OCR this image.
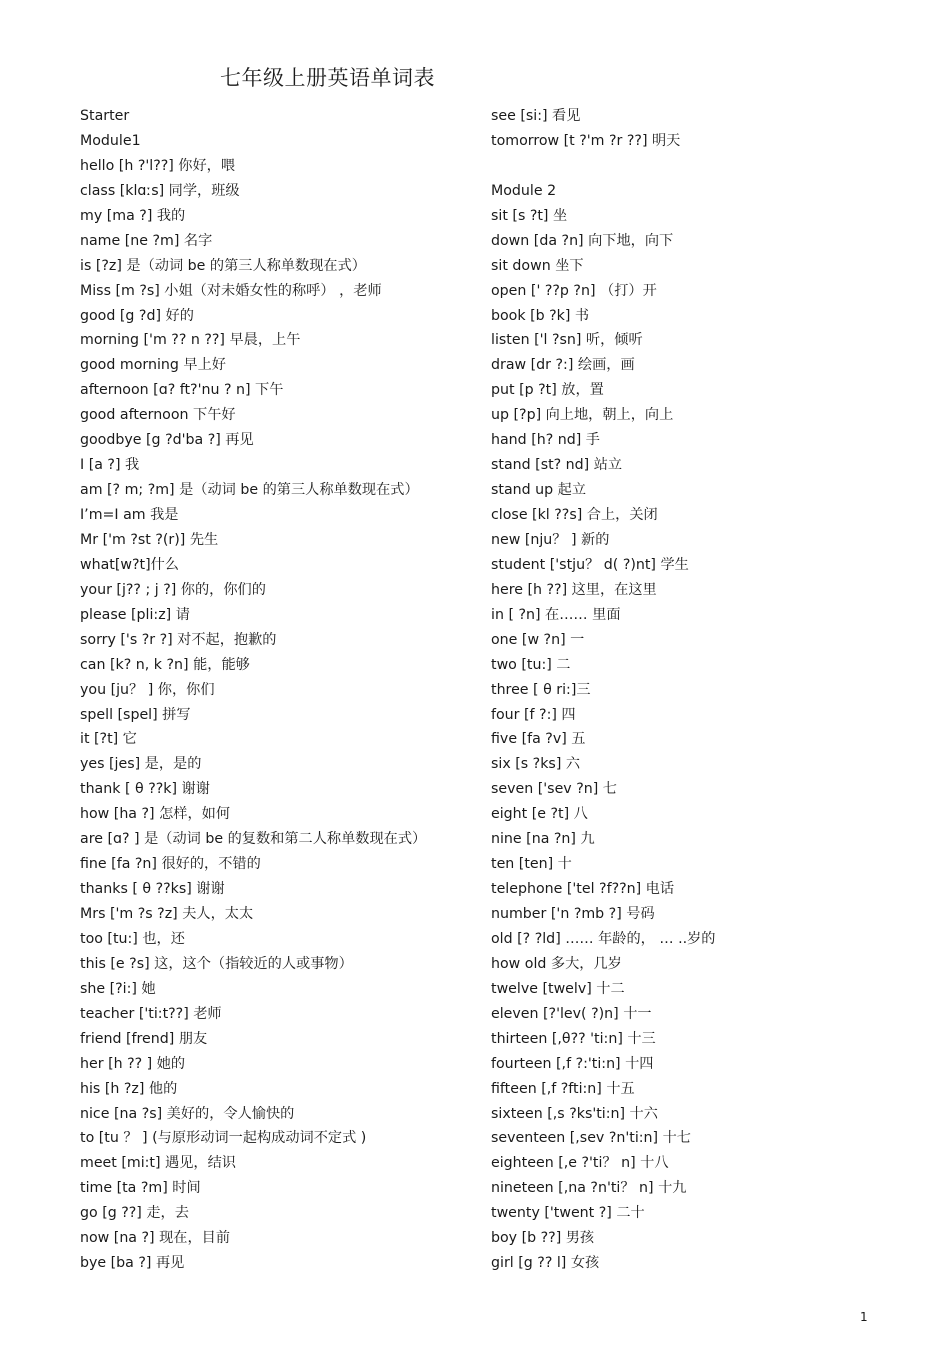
七年级上册英语单词表
Starter
Module1
hello [h ?'l??] 你好，喂
class [klɑːs] 同学，班级
my [ma ?] 我的
name [ne ?m] 名字
is [?z] 是（动词 be 的第三人称单数现在式）
Miss [m ?s] 小姐（对未婚女性的称呼） ，老师
good [g ?d] 好的
morning ['m ?? n ??] 早晨，上午
good morning 早上好
afternoon [ɑ? ft?'nu ? n] 下午
good afternoon 下午好
goodbye [g ?d'ba ?] 再见
I [a ?] 我
am [? m; ?m] 是（动词 be 的第三人称单数现在式）
I’m=I am 我是
Mr ['m ?st ?(r)] 先生
what[w?t]什么
your [j?? ; j ?] 你的，你们的
please [pli:z] 请
sorry ['s ?r ?] 对不起，抱歉的
can [k? n, k ?n] 能，能够
you [ju？ ] 你，你们
spell [spel] 拼写
it [?t] 它
yes [jes] 是，是的
thank [ θ ??k] 谢谢
how [ha ?] 怎样，如何
are [ɑ? ] 是（动词 be 的复数和第二人称单数现在式）
fine [fa ?n] 很好的，不错的
thanks [ θ ??ks] 谢谢
Mrs ['m ?s ?z] 夫人，太太
too [tu:] 也，还
this [e ?s] 这，这个（指较近的人或事物）
she [?i:] 她
teacher ['ti:t??] 老师
friend [frend] 朋友
her [h ?? ] 她的
his [h ?z] 他的
nice [na ?s] 美好的，令人愉快的
to [tu ？ ] (与原形动词一起构成动词不定式 )
meet [mi:t] 遇见，结识
time [ta ?m] 时间
go [g ??] 走，去
now [na ?] 现在，目前
bye [ba ?] 再见
see [si:] 看见
tomorrow [t ?'m ?r ??] 明天
Module 2
sit [s ?t] 坐
down [da ?n] 向下地，向下
sit down 坐下
open [' ??p ?n] （打）开
book [b ?k] 书
listen ['l ?sn] 听，倾听
draw [dr ?:] 绘画，画
put [p ?t] 放，置
up [?p] 向上地，朝上，向上
hand [h? nd] 手
stand [st? nd] 站立
stand up 起立
close [kl ??s] 合上，关闭
new [nju？ ] 新的
student ['stju？ d( ?)nt] 学生
here [h ??] 这里，在这里
in [ ?n] 在…… 里面
one [w ?n] 一
two [tu:] 二
three [ θ ri:]三
four [f ?:] 四
five [fa ?v] 五
six [s ?ks] 六
seven ['sev ?n] 七
eight [e ?t] 八
nine [na ?n] 九
ten [ten] 十
telephone ['tel ?f??n] 电话
number ['n ?mb ?] 号码
old [? ?ld] …… 年龄的， … ..岁的
how old 多大，几岁
twelve [twelv] 十二
eleven [?'lev( ?)n] 十一
thirteen [,θ?? 'ti:n] 十三
fourteen [,f ?:'ti:n] 十四
fifteen [,f ?fti:n] 十五
sixteen [,s ?ks'ti:n] 十六
seventeen [,sev ?n'ti:n] 十七
eighteen [,e ?'ti？ n] 十八
nineteen [,na ?n'ti？ n] 十九
twenty ['twent ?] 二十
boy [b ??] 男孩
girl [g ?? l] 女孩
1
